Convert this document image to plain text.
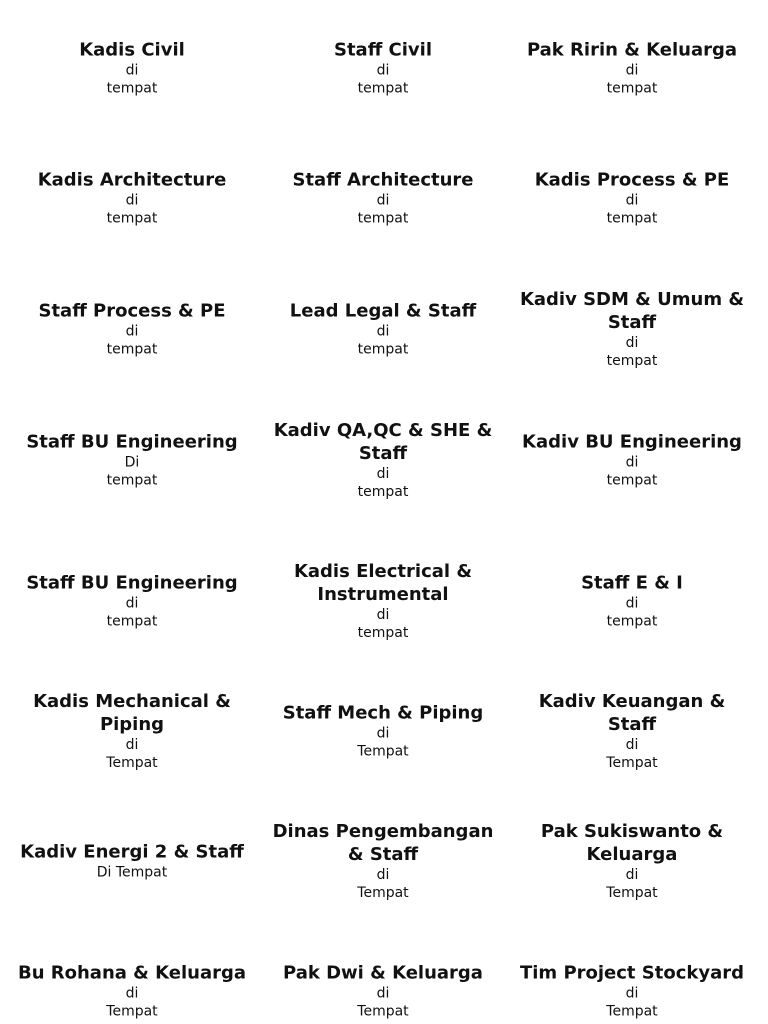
Kadis Civil
di
tempat
Staff Civil
di
tempat
Pak Ririn & Keluarga
di
tempat
Kadis Architecture
di
tempat
Staff Architecture
di
tempat
Kadis Process & PE
di
tempat
Staff Process & PE
di
tempat
Lead Legal & Staff
di
tempat
Kadiv SDM & Umum & Staff
di
tempat
Staff BU Engineering
Di
tempat
Kadiv QA,QC & SHE & Staff
di
tempat
Kadiv BU Engineering
di
tempat
Staff BU Engineering
di
tempat
Kadis Electrical & Instrumental
di
tempat
Staff E & I
di
tempat
Kadis Mechanical & Piping
di
Tempat
Staff Mech & Piping
di
Tempat
Kadiv Keuangan & Staff
di
Tempat
Kadiv Energi 2 & Staff
Di Tempat
Dinas Pengembangan & Staff
di
Tempat
Pak Sukiswanto & Keluarga
di
Tempat
Bu Rohana & Keluarga
di
Tempat
Pak Dwi & Keluarga
di
Tempat
Tim Project Stockyard
di
Tempat
